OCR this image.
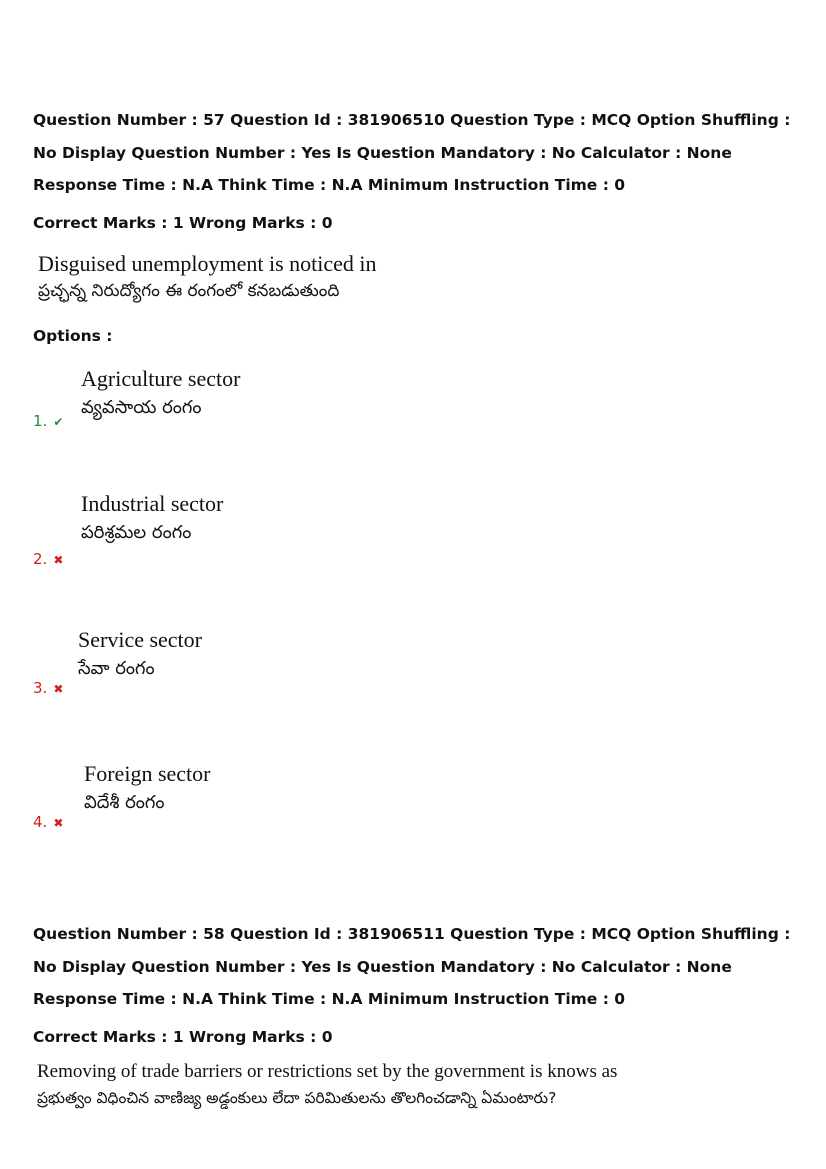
Question Number : 57 Question Id : 381906510 Question Type : MCQ Option Shuffling : No Display Question Number : Yes Is Question Mandatory : No Calculator : None Response Time : N.A Think Time : N.A Minimum Instruction Time : 0
Correct Marks : 1 Wrong Marks : 0
Disguised unemployment is noticed in
ప్రచ్ఛన్న నిరుద్యోగం ఈ రంగంలో కనబడుతుంది
Options :
1. ✔
Agriculture sector
వ్యవసాయ రంగం
2. ✖
Industrial sector
పరిశ్రమల రంగం
3. ✖
Service sector
సేవా రంగం
4. ✖
Foreign sector
విదేశీ రంగం
Question Number : 58 Question Id : 381906511 Question Type : MCQ Option Shuffling : No Display Question Number : Yes Is Question Mandatory : No Calculator : None Response Time : N.A Think Time : N.A Minimum Instruction Time : 0
Correct Marks : 1 Wrong Marks : 0
Removing of trade barriers or restrictions set by the government is knows as
ప్రభుత్వం విధించిన వాణిజ్య అడ్డంకులు లేదా పరిమితులను తొలగించడాన్ని ఏమంటారు?
